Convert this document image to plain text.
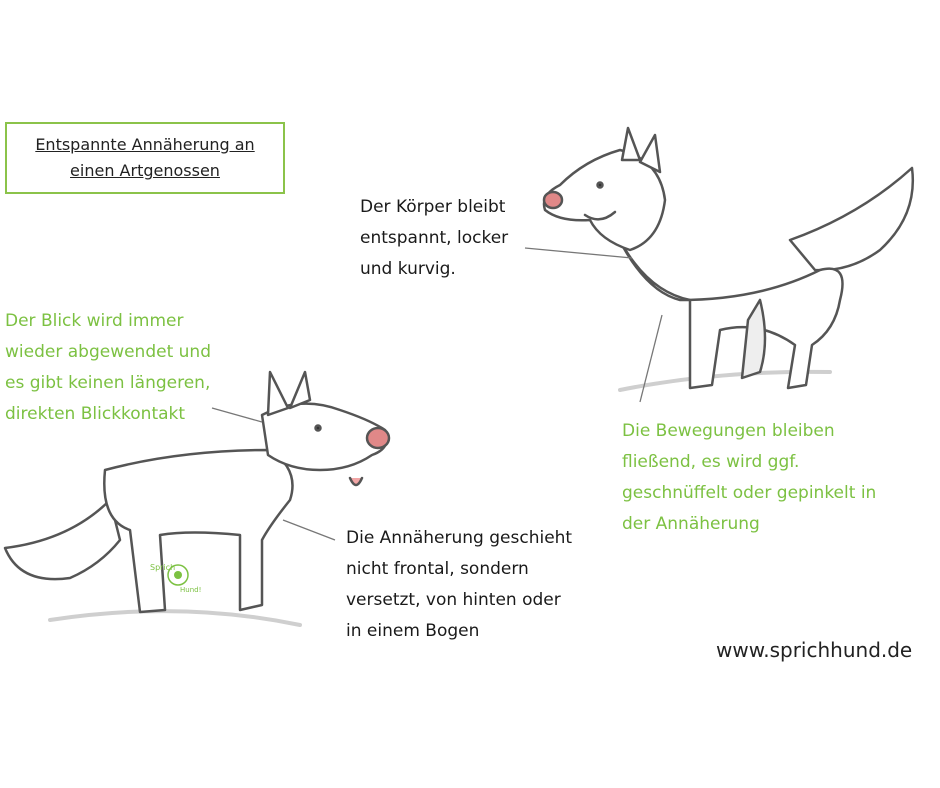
Sprich
Hund!
Entspannte Annäherung an
einen Artgenossen
Der Körper bleibt
entspannt, locker
und kurvig.
Der Blick wird immer
wieder abgewendet und
es gibt keinen längeren,
direkten Blickkontakt
Die Bewegungen bleiben
fließend, es wird ggf.
geschnüffelt oder gepinkelt in
der Annäherung
Die Annäherung geschieht
nicht frontal, sondern
versetzt, von hinten oder
in einem Bogen
www.sprichhund.de
